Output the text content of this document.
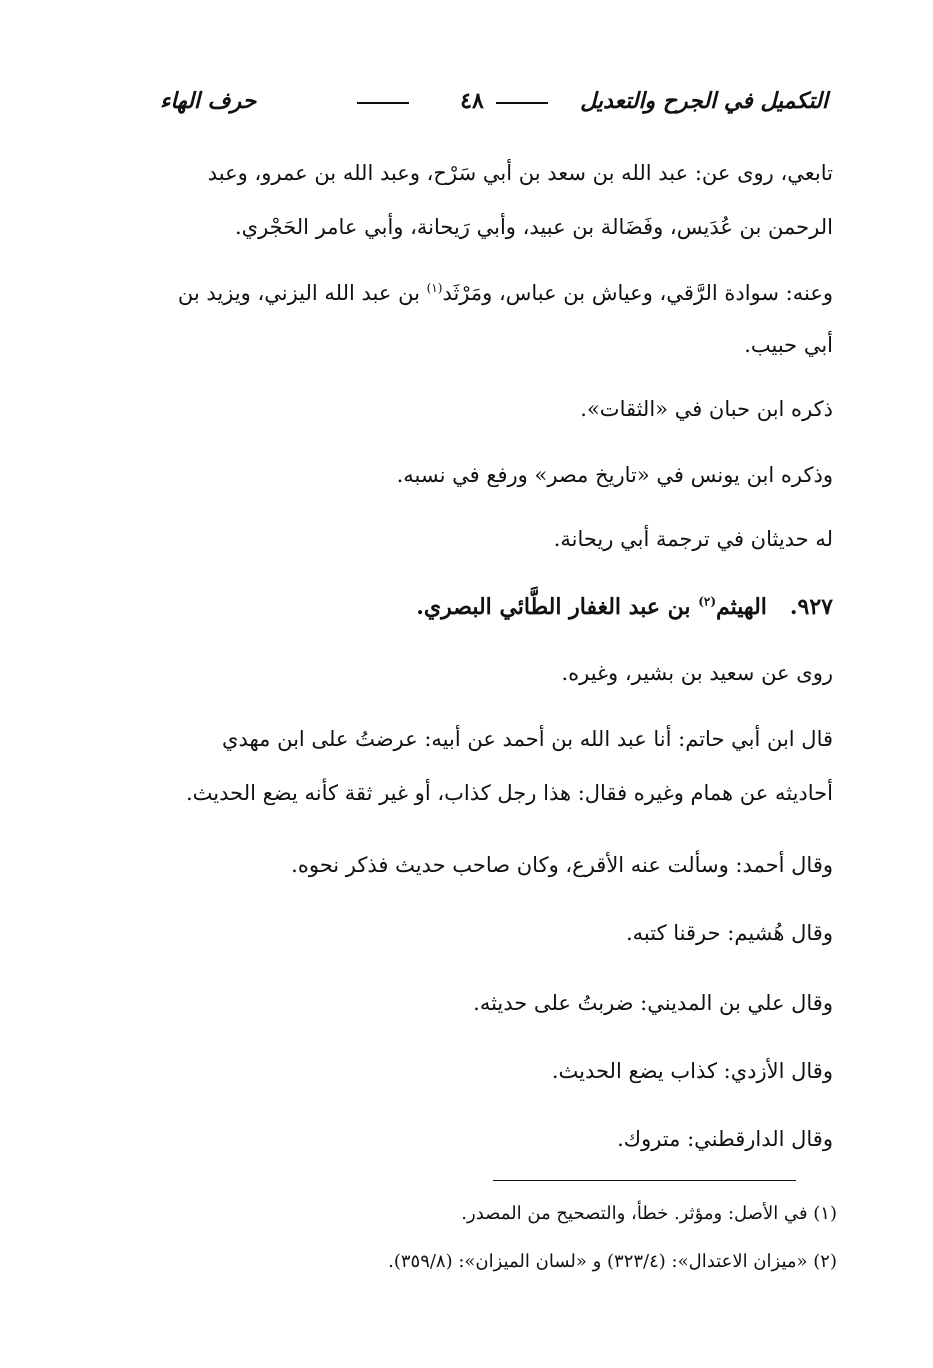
التكميل في الجرح والتعديل
٤٨
حرف الهاء
تابعي، روى عن: عبد الله بن سعد بن أبي سَرْح، وعبد الله بن عمرو، وعبد
الرحمن بن عُدَيس، وفَضَالة بن عبيد، وأبي رَيحانة، وأبي عامر الحَجْري.
وعنه: سوادة الرَّقي، وعياش بن عباس، ومَرْثَد$^{(١)}$ بن عبد الله اليزني، ويزيد بن
أبي حبيب.
ذكره ابن حبان في «الثقات».
وذكره ابن يونس في «تاريخ مصر» ورفع في نسبه.
له حديثان في ترجمة أبي ريحانة.
٩٢٧.   الهيثم$^{(٢)}$ بن عبد الغفار الطَّائي البصري.
روى عن سعيد بن بشير، وغيره.
قال ابن أبي حاتم: أنا عبد الله بن أحمد عن أبيه: عرضتُ على ابن مهدي
أحاديثه عن همام وغيره فقال: هذا رجل كذاب، أو غير ثقة كأنه يضع الحديث.
وقال أحمد: وسألت عنه الأقرع، وكان صاحب حديث فذكر نحوه.
وقال هُشيم: حرقنا كتبه.
وقال علي بن المديني: ضربتُ على حديثه.
وقال الأزدي: كذاب يضع الحديث.
وقال الدارقطني: متروك.
(١) في الأصل: ومؤثر. خطأ، والتصحيح من المصدر.
(٢) «ميزان الاعتدال»: (٣٢٣/٤) و «لسان الميزان»: (٣٥٩/٨).
